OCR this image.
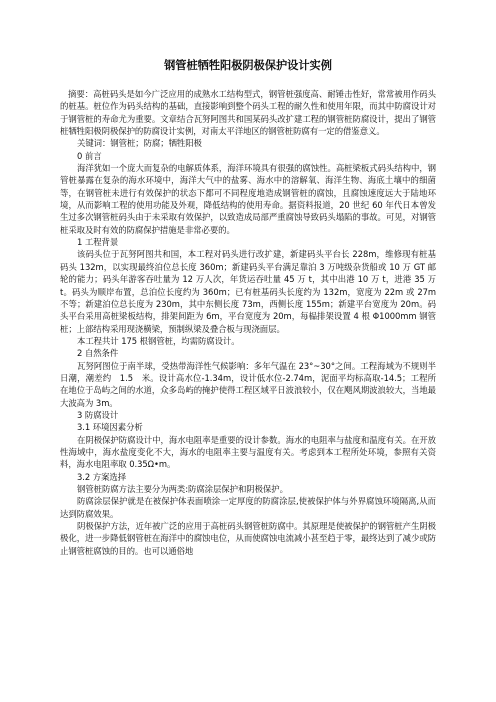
钢管桩牺牲阳极阴极保护设计实例

摘要：高桩码头是如今广泛应用的成熟水工结构型式，钢管桩强度高、耐锤击性好，常常被用作码头的桩基。桩位作为码头结构的基础，直接影响到整个码头工程的耐久性和使用年限，而其中防腐设计对于钢管桩的寿命尤为重要。文章结合瓦努阿图共和国某码头改扩建工程的钢管桩防腐设计，提出了钢管桩牺牲阳极阴极保护的防腐设计实例，对南太平洋地区的钢管桩防腐有一定的借鉴意义。

关键词：钢管桩；防腐；牺牲阳极

0 前言

海洋犹如一个庞大而复杂的电解质体系，海洋环境具有很强的腐蚀性。高桩梁板式码头结构中，钢管桩暴露在复杂的海水环境中，海洋大气中的盐雾、海水中的溶解氧、海洋生物、海底土壤中的细菌等，在钢管桩未进行有效保护的状态下都可不同程度地造成钢管桩的腐蚀，且腐蚀速度远大于陆地环境，从而影响工程的使用功能及外观，降低结构的使用寿命。据资料报道，20 世纪 60 年代日本曾发生过多次钢管桩码头由于未采取有效保护，以致造成局部严重腐蚀导致码头塌陷的事故。可见，对钢管桩采取及时有效的防腐保护措施是非常必要的。

1 工程背景

该码头位于瓦努阿图共和国，本工程对码头进行改扩建，新建码头平台长 228m，维修现有桩基码头 132m，以实现最终泊位总长度 360m；新建码头平台满足靠泊 3 万吨级杂货船或 10 万 GT 邮轮的能力；码头年游客吞吐量为 12 万人次，年货运吞吐量 45 万 t，其中出港 10 万 t，进港 35 万 t。码头为顺岸布置，总泊位长度约为 360m；已有桩基码头长度约为 132m，宽度为 22m 或 27m 不等；新建泊位总长度为 230m，其中东侧长度 73m，西侧长度 155m；新建平台宽度为 20m。码头平台采用高桩梁板结构，排架间距为 6m，平台宽度为 20m，每榀排架设置 4 根 Φ1000mm 钢管桩；上部结构采用现浇横梁，预制纵梁及叠合板与现浇面层。

本工程共计 175 根钢管桩，均需防腐设计。

2 自然条件

瓦努阿图位于南半球，受热带海洋性气候影响：多年气温在 23°~30°之间。工程海域为不规则半日潮，潮差约　1.5　米。设计高水位-1.34m，设计低水位-2.74m，泥面平均标高取-14.5；工程所在地位于岛屿之间的水道，众多岛屿的掩护使得工程区域平日波浪较小，仅在飓风期波浪较大，当地最大波高为 3m。

3 防腐设计

3.1 环境因素分析

在阴极保护防腐设计中，海水电阻率是重要的设计参数。海水的电阻率与盐度和温度有关。在开放性海域中，海水盐度变化不大，海水的电阻率主要与温度有关。考虑到本工程所处环境，参照有关资料，海水电阻率取 0.35Ω•m。

3.2 方案选择

钢管桩防腐方法主要分为两类:防腐涂层保护和阴极保护。

防腐涂层保护就是在被保护体表面喷涂一定厚度的防腐涂层,使被保护体与外界腐蚀环境隔离,从而达到防腐效果。

阴极保护方法，近年被广泛的应用于高桩码头钢管桩防腐中。其原理是使被保护的钢管桩产生阴极极化，进一步降低钢管桩在海洋中的腐蚀电位，从而使腐蚀电流减小甚至趋于零，最终达到了减少或防止钢管桩腐蚀的目的。也可以通俗地
